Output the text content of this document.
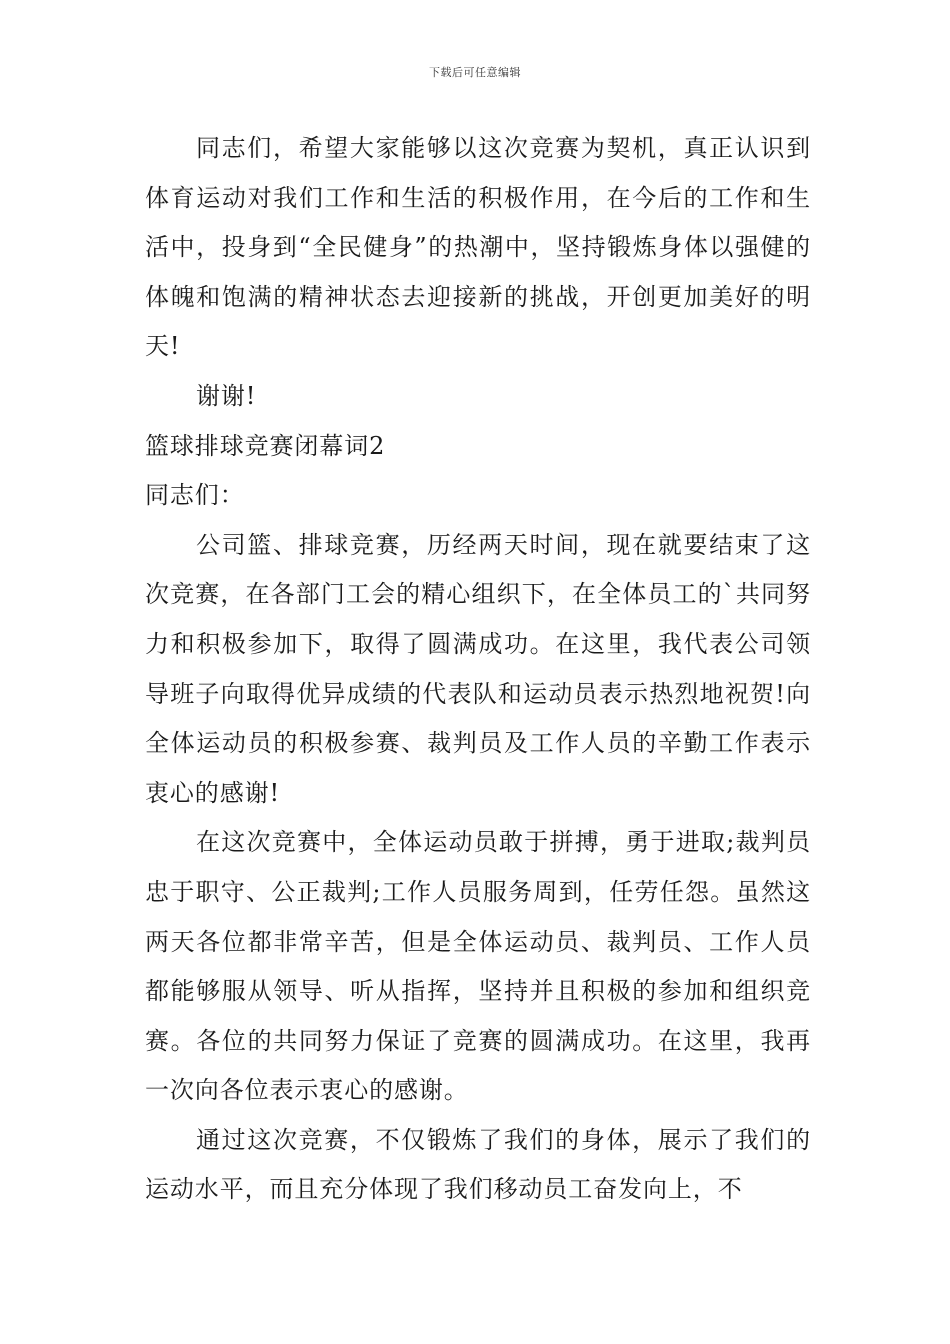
下载后可任意编辑

同志们，希望大家能够以这次竞赛为契机，真正认识到体育运动对我们工作和生活的积极作用，在今后的工作和生活中，投身到“全民健身”的热潮中，坚持锻炼身体以强健的体魄和饱满的精神状态去迎接新的挑战，开创更加美好的明天!

谢谢!

篮球排球竞赛闭幕词2

同志们：

公司篮、排球竞赛，历经两天时间，现在就要结束了这次竞赛，在各部门工会的精心组织下，在全体员工的`共同努力和积极参加下，取得了圆满成功。在这里，我代表公司领导班子向取得优异成绩的代表队和运动员表示热烈地祝贺!向全体运动员的积极参赛、裁判员及工作人员的辛勤工作表示衷心的感谢!

在这次竞赛中，全体运动员敢于拼搏，勇于进取;裁判员忠于职守、公正裁判;工作人员服务周到，任劳任怨。虽然这两天各位都非常辛苦，但是全体运动员、裁判员、工作人员都能够服从领导、听从指挥，坚持并且积极的参加和组织竞赛。各位的共同努力保证了竞赛的圆满成功。在这里，我再一次向各位表示衷心的感谢。

通过这次竞赛，不仅锻炼了我们的身体，展示了我们的运动水平，而且充分体现了我们移动员工奋发向上，不
